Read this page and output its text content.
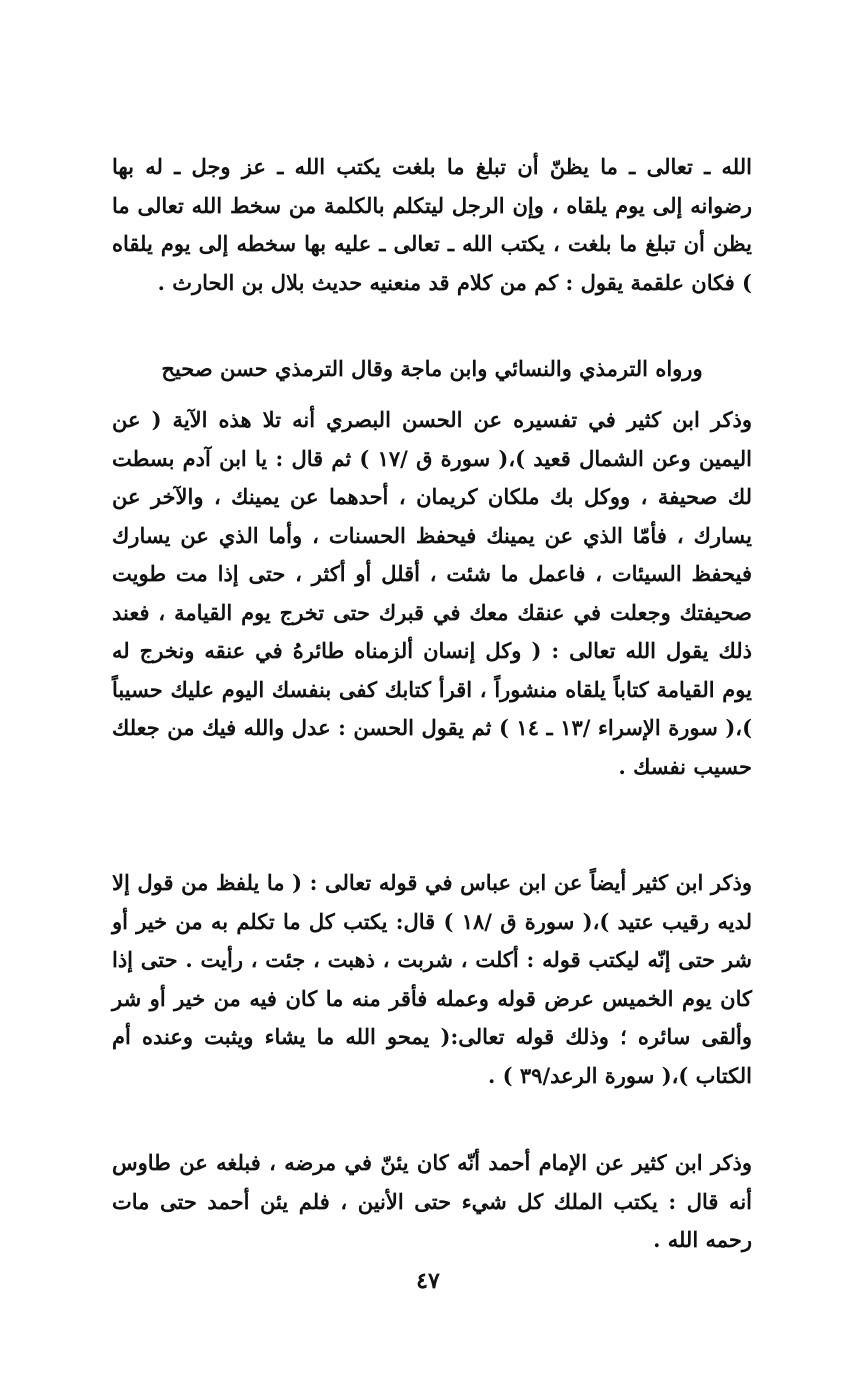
الله ـ تعالى ـ ما يظنّ أن تبلغ ما بلغت يكتب الله ـ عز وجل ـ له بها رضوانه إلى يوم يلقاه ، وإن الرجل ليتكلم بالكلمة من سخط الله تعالى ما يظن أن تبلغ ما بلغت ، يكتب الله ـ تعالى ـ عليه بها سخطه إلى يوم يلقاه ) فكان علقمة يقول : كم من كلام قد منعنيه حديث بلال بن الحارث .

ورواه الترمذي والنسائي وابن ماجة وقال الترمذي حسن صحيح

وذكر ابن كثير في تفسيره عن الحسن البصري أنه تلا هذه الآية ( عن اليمين وعن الشمال قعيد )،( سورة ق /١٧ ) ثم قال : يا ابن آدم بسطت لك صحيفة ، ووكل بك ملكان كريمان ، أحدهما عن يمينك ، والآخر عن يسارك ، فأمّا الذي عن يمينك فيحفظ الحسنات ، وأما الذي عن يسارك فيحفظ السيئات ، فاعمل ما شئت ، أقلل أو أكثر ، حتى إذا مت طويت صحيفتك وجعلت في عنقك معك في قبرك حتى تخرج يوم القيامة ، فعند ذلك يقول الله تعالى : ( وكل إنسان ألزمناه طائرهُ في عنقه ونخرج له يوم القيامة كتاباً يلقاه منشوراً ، اقرأ كتابك كفى بنفسك اليوم عليك حسيباً )،( سورة الإسراء /١٣ ـ ١٤ ) ثم يقول الحسن : عدل والله فيك من جعلك حسيب نفسك .

وذكر ابن كثير أيضاً عن ابن عباس في قوله تعالى : ( ما يلفظ من قول إلا لديه رقيب عتيد )،( سورة ق /١٨ ) قال: يكتب كل ما تكلم به من خير أو شر حتى إنّه ليكتب قوله : أكلت ، شربت ، ذهبت ، جئت ، رأيت . حتى إذا كان يوم الخميس عرض قوله وعمله فأقر منه ما كان فيه من خير أو شر وألقى سائره ؛ وذلك قوله تعالى:( يمحو الله ما يشاء ويثبت وعنده أم الكتاب )،( سورة الرعد/٣٩ ) .

وذكر ابن كثير عن الإمام أحمد أنّه كان يئنّ في مرضه ، فبلغه عن طاوس أنه قال : يكتب الملك كل شيء حتى الأنين ، فلم يئن أحمد حتى مات رحمه الله .

٤٧
